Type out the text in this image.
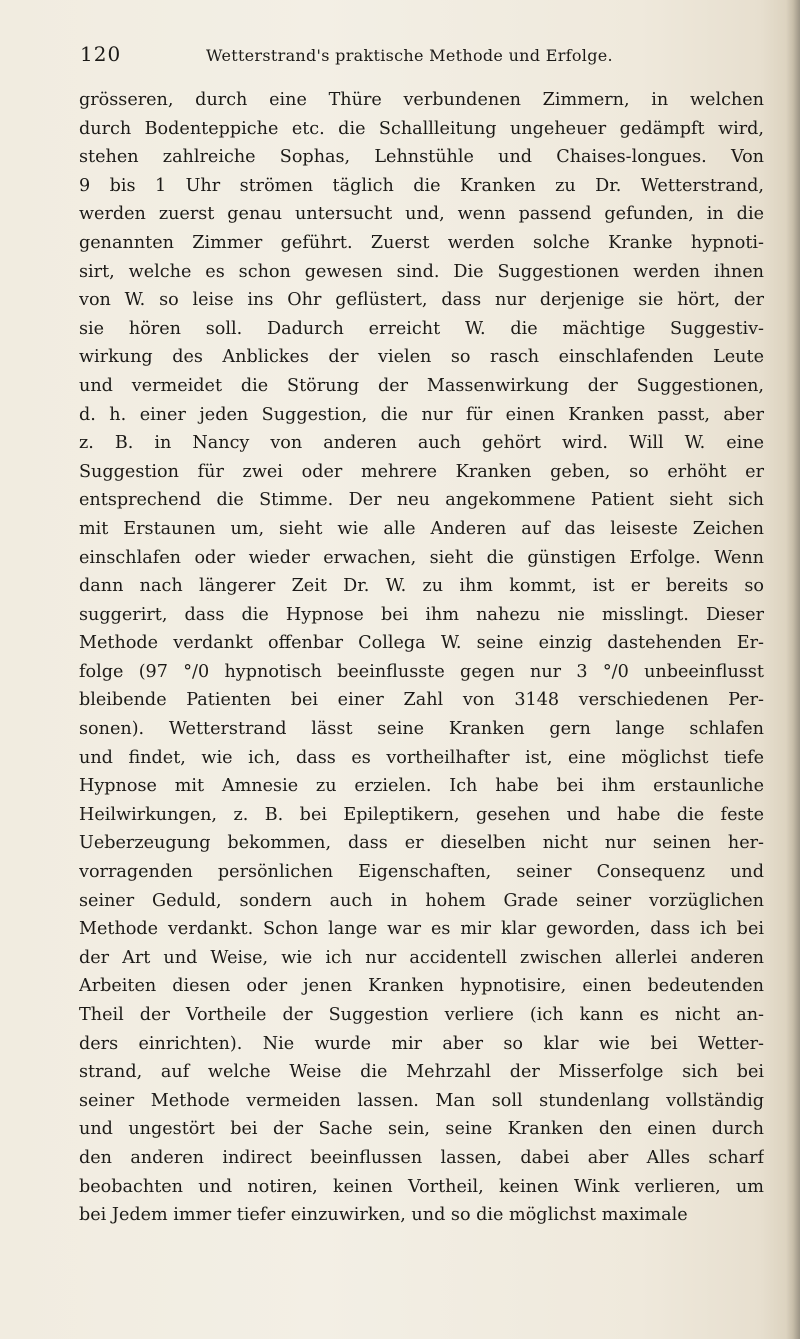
120	Wetterstrand's praktische Methode und Erfolge.
grösseren, durch eine Thüre verbundenen Zimmern, in welchen
durch Bodenteppiche etc. die Schallleitung ungeheuer gedämpft wird,
stehen zahlreiche Sophas, Lehnstühle und Chaises-longues. Von
9 bis 1 Uhr strömen täglich die Kranken zu Dr. Wetterstrand,
werden zuerst genau untersucht und, wenn passend gefunden, in die
genannten Zimmer geführt. Zuerst werden solche Kranke hypnoti-
sirt, welche es schon gewesen sind. Die Suggestionen werden ihnen
von W. so leise ins Ohr geflüstert, dass nur derjenige sie hört, der
sie hören soll. Dadurch erreicht W. die mächtige Suggestiv-
wirkung des Anblickes der vielen so rasch einschlafenden Leute
und vermeidet die Störung der Massenwirkung der Suggestionen,
d. h. einer jeden Suggestion, die nur für einen Kranken passt, aber
z. B. in Nancy von anderen auch gehört wird. Will W. eine
Suggestion für zwei oder mehrere Kranken geben, so erhöht er
entsprechend die Stimme. Der neu angekommene Patient sieht sich
mit Erstaunen um, sieht wie alle Anderen auf das leiseste Zeichen
einschlafen oder wieder erwachen, sieht die günstigen Erfolge. Wenn
dann nach längerer Zeit Dr. W. zu ihm kommt, ist er bereits so
suggerirt, dass die Hypnose bei ihm nahezu nie misslingt. Dieser
Methode verdankt offenbar Collega W. seine einzig dastehenden Er-
folge (97 °/0 hypnotisch beeinflusste gegen nur 3 °/0 unbeeinflusst
bleibende Patienten bei einer Zahl von 3148 verschiedenen Per-
sonen). Wetterstrand lässt seine Kranken gern lange schlafen
und findet, wie ich, dass es vortheilhafter ist, eine möglichst tiefe
Hypnose mit Amnesie zu erzielen. Ich habe bei ihm erstaunliche
Heilwirkungen, z. B. bei Epileptikern, gesehen und habe die feste
Ueberzeugung bekommen, dass er dieselben nicht nur seinen her-
vorragenden persönlichen Eigenschaften, seiner Consequenz und
seiner Geduld, sondern auch in hohem Grade seiner vorzüglichen
Methode verdankt. Schon lange war es mir klar geworden, dass ich bei
der Art und Weise, wie ich nur accidentell zwischen allerlei anderen
Arbeiten diesen oder jenen Kranken hypnotisire, einen bedeutenden
Theil der Vortheile der Suggestion verliere (ich kann es nicht an-
ders einrichten). Nie wurde mir aber so klar wie bei Wetter-
strand, auf welche Weise die Mehrzahl der Misserfolge sich bei
seiner Methode vermeiden lassen. Man soll stundenlang vollständig
und ungestört bei der Sache sein, seine Kranken den einen durch
den anderen indirect beeinflussen lassen, dabei aber Alles scharf
beobachten und notiren, keinen Vortheil, keinen Wink verlieren, um
bei Jedem immer tiefer einzuwirken, und so die möglichst maximale
